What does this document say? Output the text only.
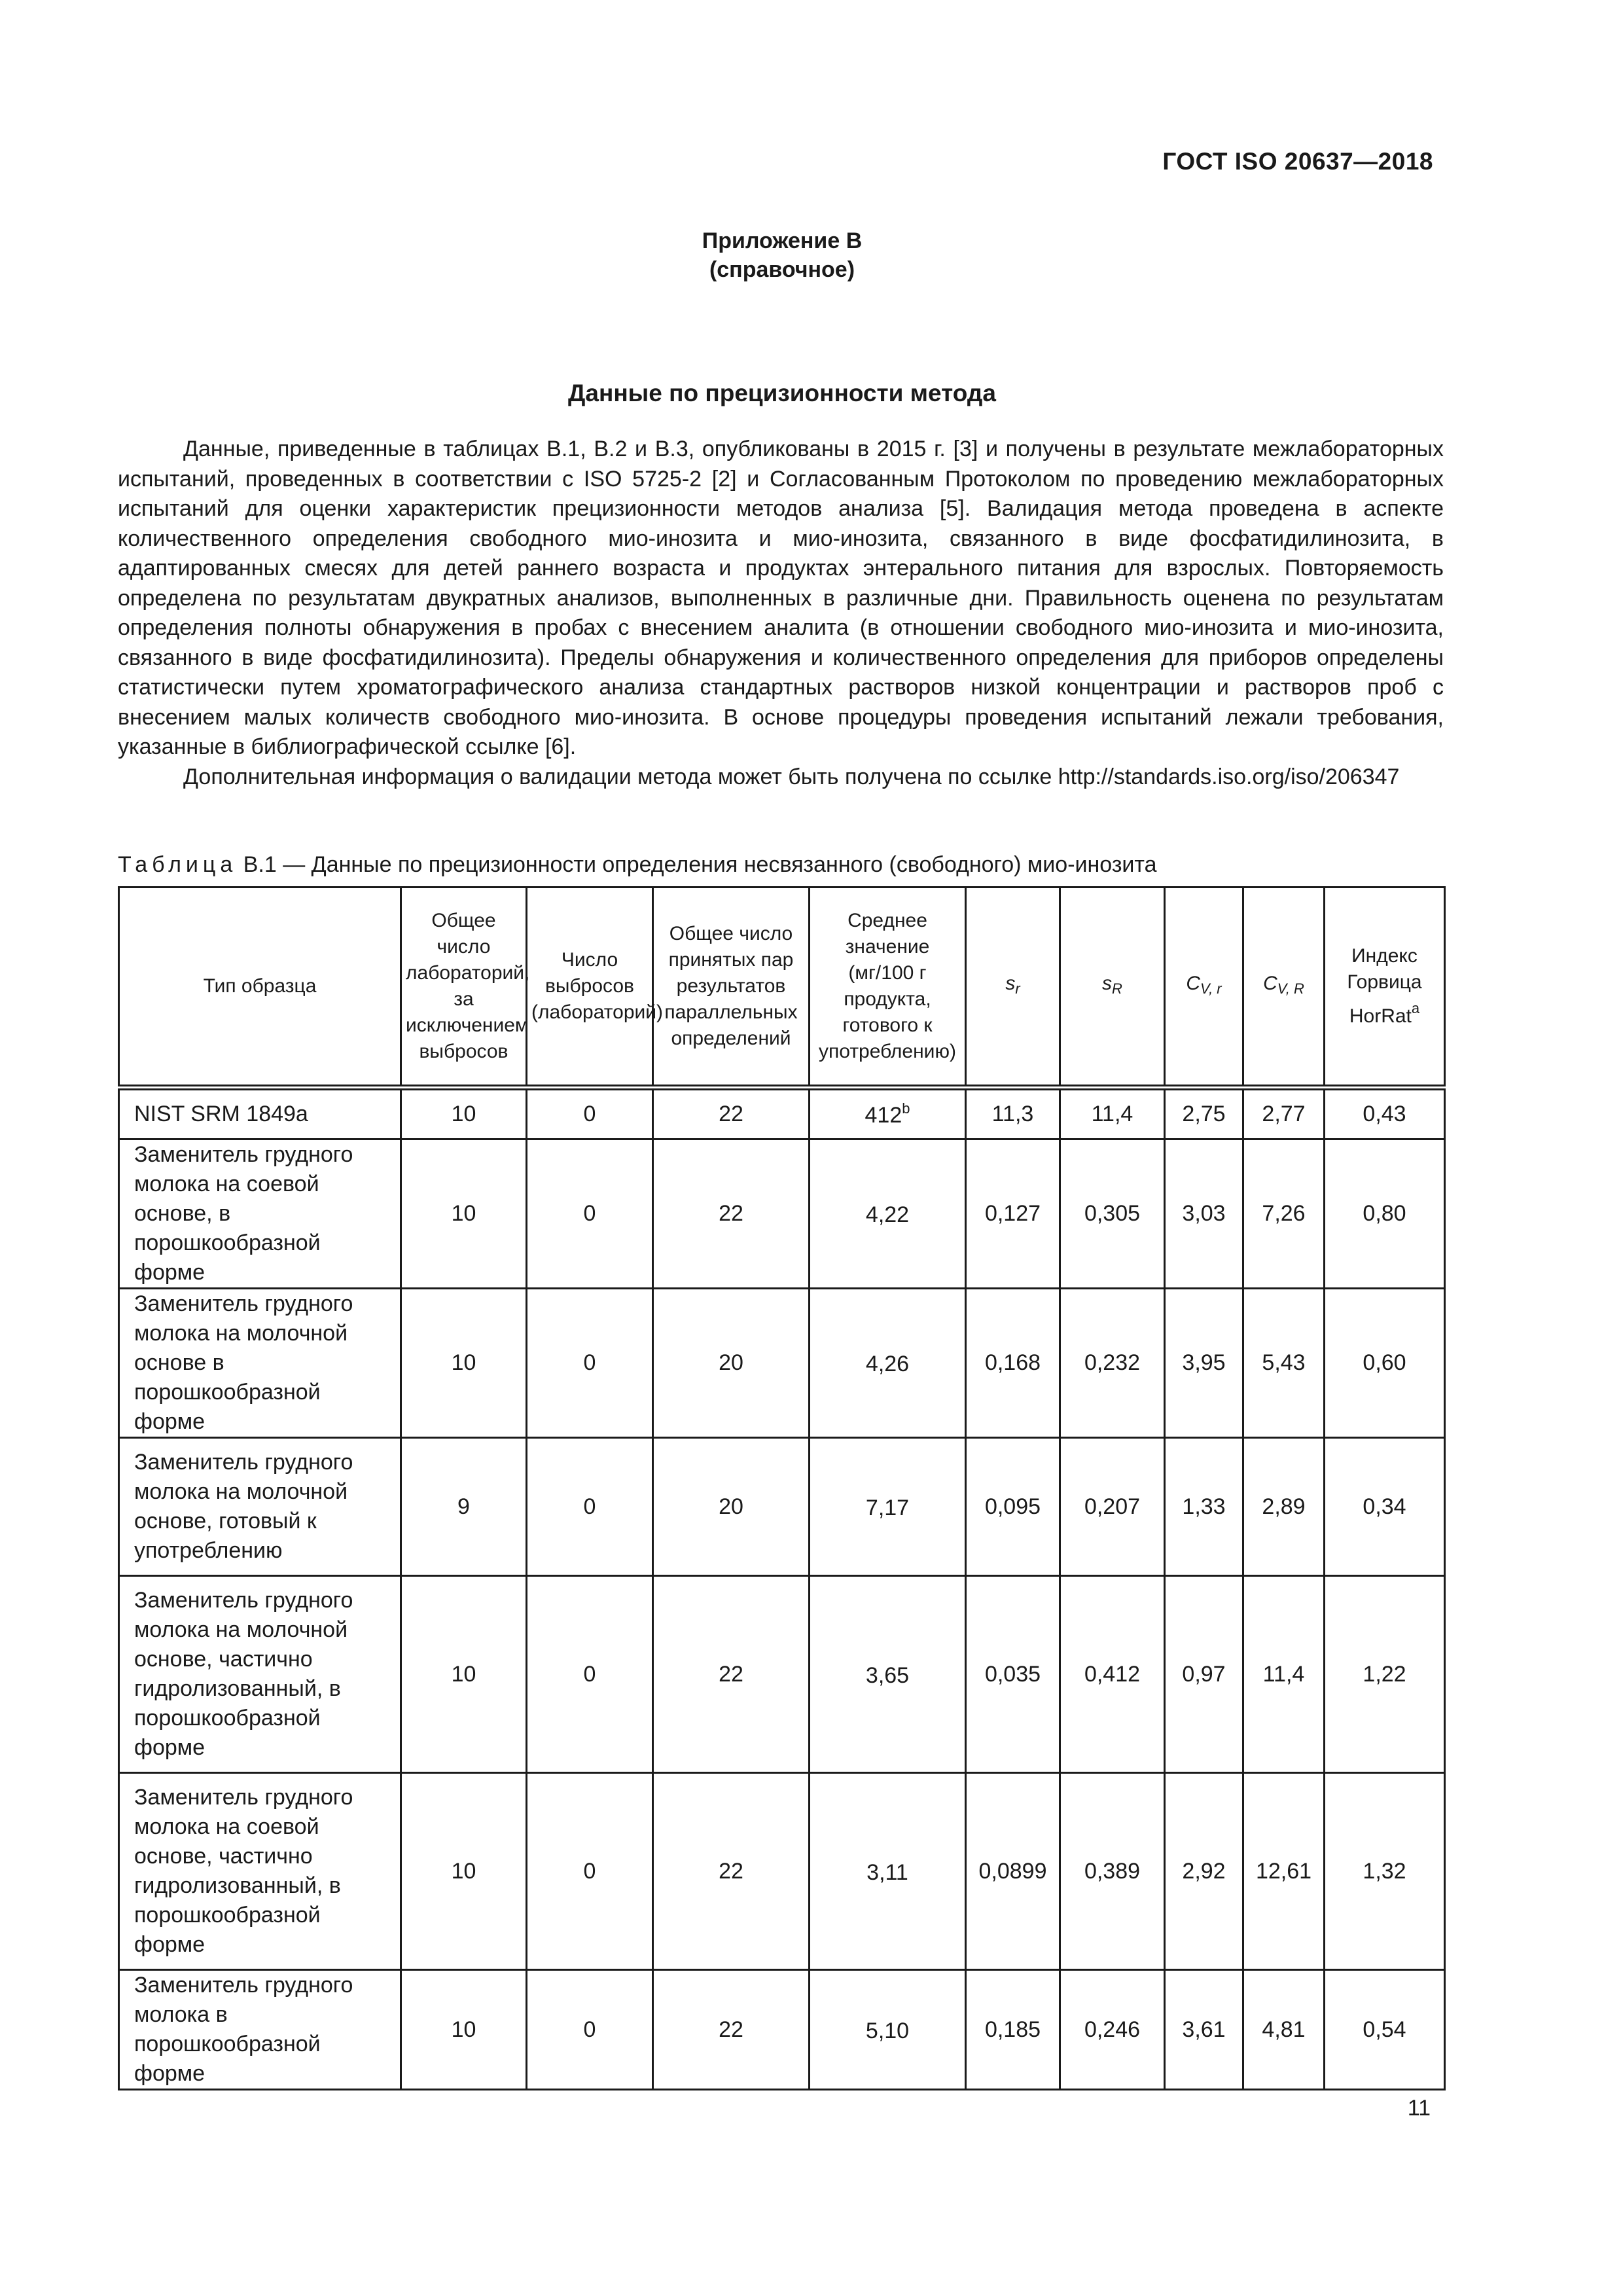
ГОСТ ISO 20637—2018
Приложение В
(справочное)
Данные по прецизионности метода

Данные, приведенные в таблицах В.1, В.2 и В.3, опубликованы в 2015 г. [3] и получены в результате межлабораторных испытаний, проведенных в соответствии с ISO 5725-2 [2] и Согласованным Протоколом по проведению межлабораторных испытаний для оценки характеристик прецизионности методов анализа [5]. Валидация метода проведена в аспекте количественного определения свободного мио-инозита и мио-инозита, связанного в виде фосфатидилинозита, в адаптированных смесях для детей раннего возраста и продуктах энтерального питания для взрослых. Повторяемость определена по результатам двукратных анализов, выполненных в различные дни. Правильность оценена по результатам определения полноты обнаружения в пробах с внесением аналита (в отношении свободного мио-инозита и мио-инозита, связанного в виде фосфатидилинозита). Пределы обнаружения и количественного определения для приборов определены статистически путем хроматографического анализа стандартных растворов низкой концентрации и растворов проб с внесением малых количеств свободного мио-инозита. В основе процедуры проведения испытаний лежали требования, указанные в библиографической ссылке [6].

Дополнительная информация о валидации метода может быть получена по ссылке http://standards.iso.org/iso/206347

Таблица В.1 — Данные по прецизионности определения несвязанного (свободного) мио-инозита
Тип образца	Общее число лабораторий, за исключением выбросов	Число выбросов (лабораторий)	Общее число принятых пар результатов параллельных определений	Среднее значение (мг/100 г продукта, готового к употреблению)	$s_r$	$s_R$	$C_{V, r}$	$C_{V, R}$	Индекс Горвица HorRat$^a$
NIST SRM 1849a	10	0	22	412$^b$	11,3	11,4	2,75	2,77	0,43
Заменитель грудного молока на соевой основе, в порошкообразной форме	10	0	22	4,22	0,127	0,305	3,03	7,26	0,80
Заменитель грудного молока на молочной основе в порошкообразной форме	10	0	20	4,26	0,168	0,232	3,95	5,43	0,60
Заменитель грудного молока на молочной основе, готовый к употреблению	9	0	20	7,17	0,095	0,207	1,33	2,89	0,34
Заменитель грудного молока на молочной основе, частично гидролизованный, в порошкообразной форме	10	0	22	3,65	0,035	0,412	0,97	11,4	1,22
Заменитель грудного молока на соевой основе, частично гидролизованный, в порошкообразной форме	10	0	22	3,11	0,0899	0,389	2,92	12,61	1,32
Заменитель грудного молока в порошкообразной форме	10	0	22	5,10	0,185	0,246	3,61	4,81	0,54
11
